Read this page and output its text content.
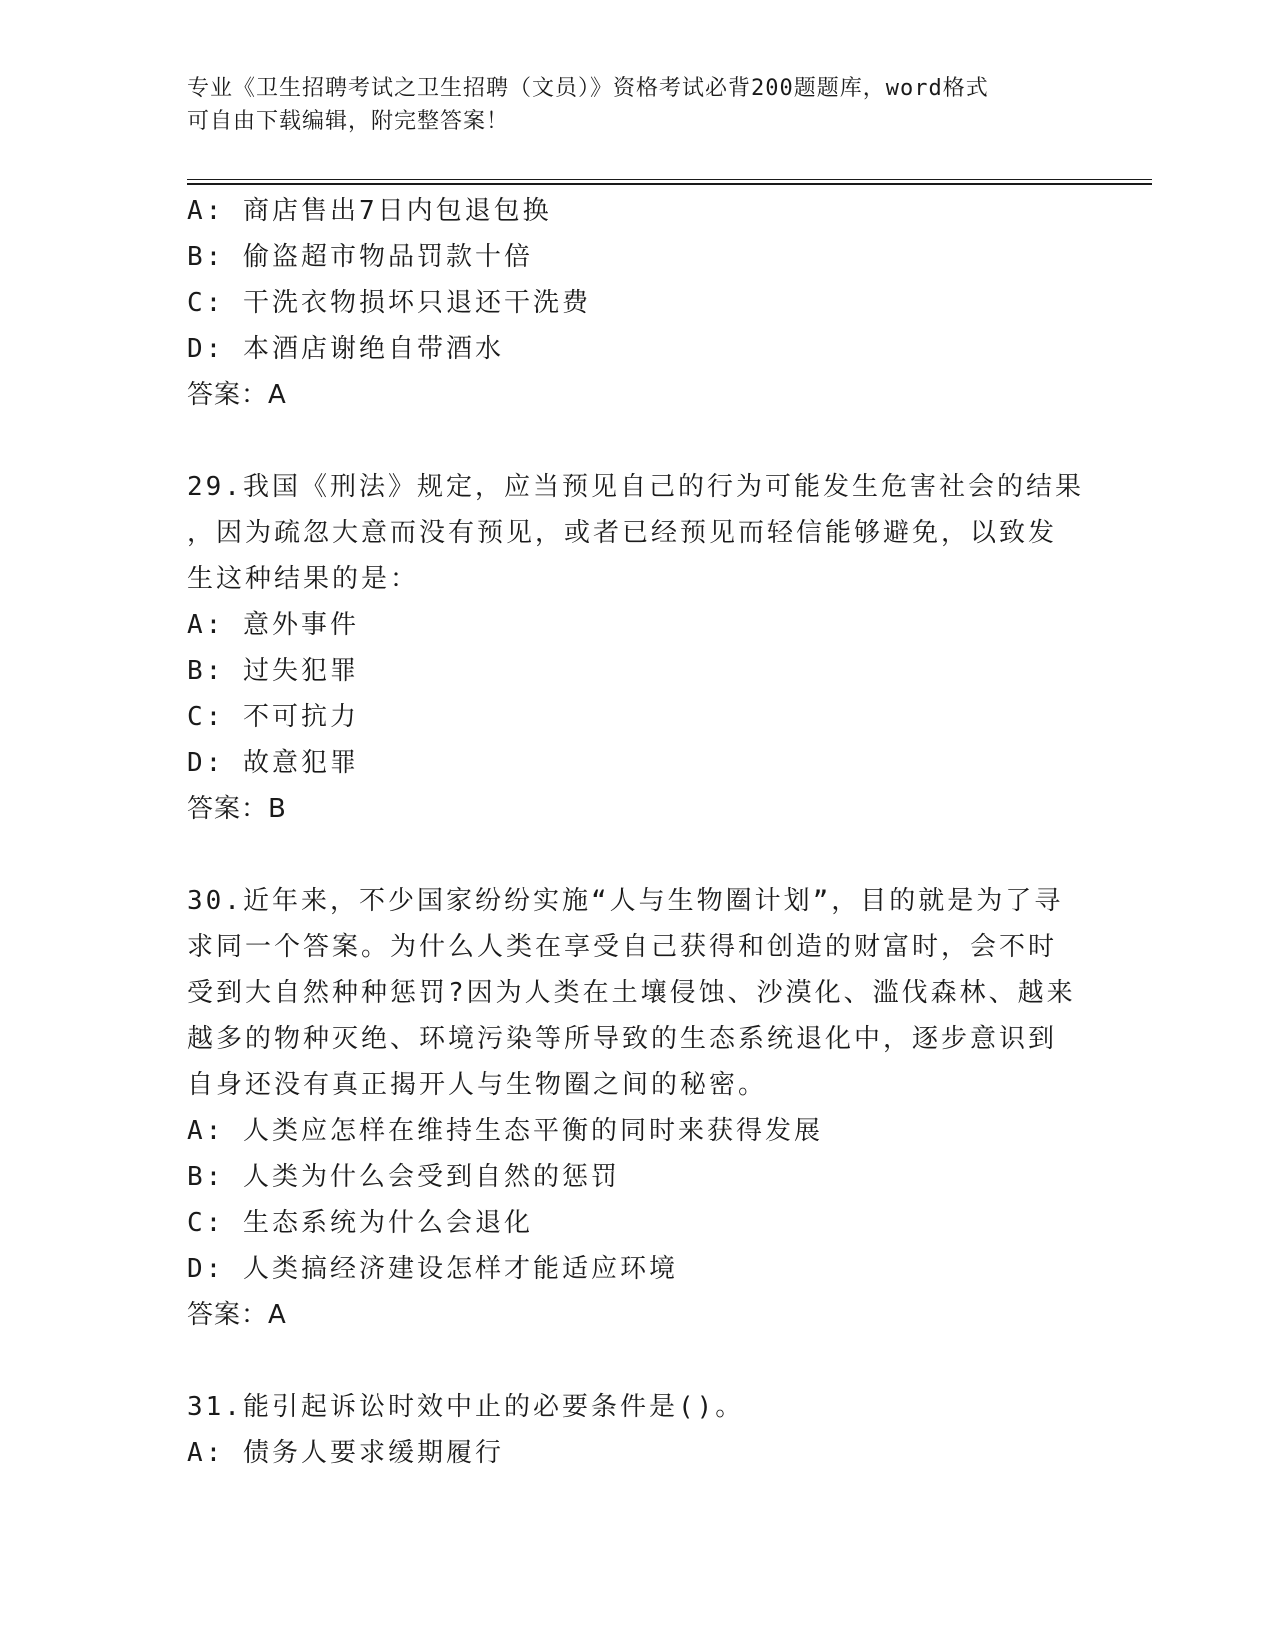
专业《卫生招聘考试之卫生招聘（文员）》资格考试必背200题题库，word格式
可自由下载编辑，附完整答案！
A: 商店售出7日内包退包换
B: 偷盗超市物品罚款十倍
C: 干洗衣物损坏只退还干洗费
D: 本酒店谢绝自带酒水
答案：A
29.我国《刑法》规定，应当预见自己的行为可能发生危害社会的结果
，因为疏忽大意而没有预见，或者已经预见而轻信能够避免，以致发
生这种结果的是：
A: 意外事件
B: 过失犯罪
C: 不可抗力
D: 故意犯罪
答案：B
30.近年来，不少国家纷纷实施“人与生物圈计划”，目的就是为了寻
求同一个答案。为什么人类在享受自己获得和创造的财富时，会不时
受到大自然种种惩罚?因为人类在土壤侵蚀、沙漠化、滥伐森林、越来
越多的物种灭绝、环境污染等所导致的生态系统退化中，逐步意识到
自身还没有真正揭开人与生物圈之间的秘密。
A: 人类应怎样在维持生态平衡的同时来获得发展
B: 人类为什么会受到自然的惩罚
C: 生态系统为什么会退化
D: 人类搞经济建设怎样才能适应环境
答案：A
31.能引起诉讼时效中止的必要条件是()。
A: 债务人要求缓期履行
